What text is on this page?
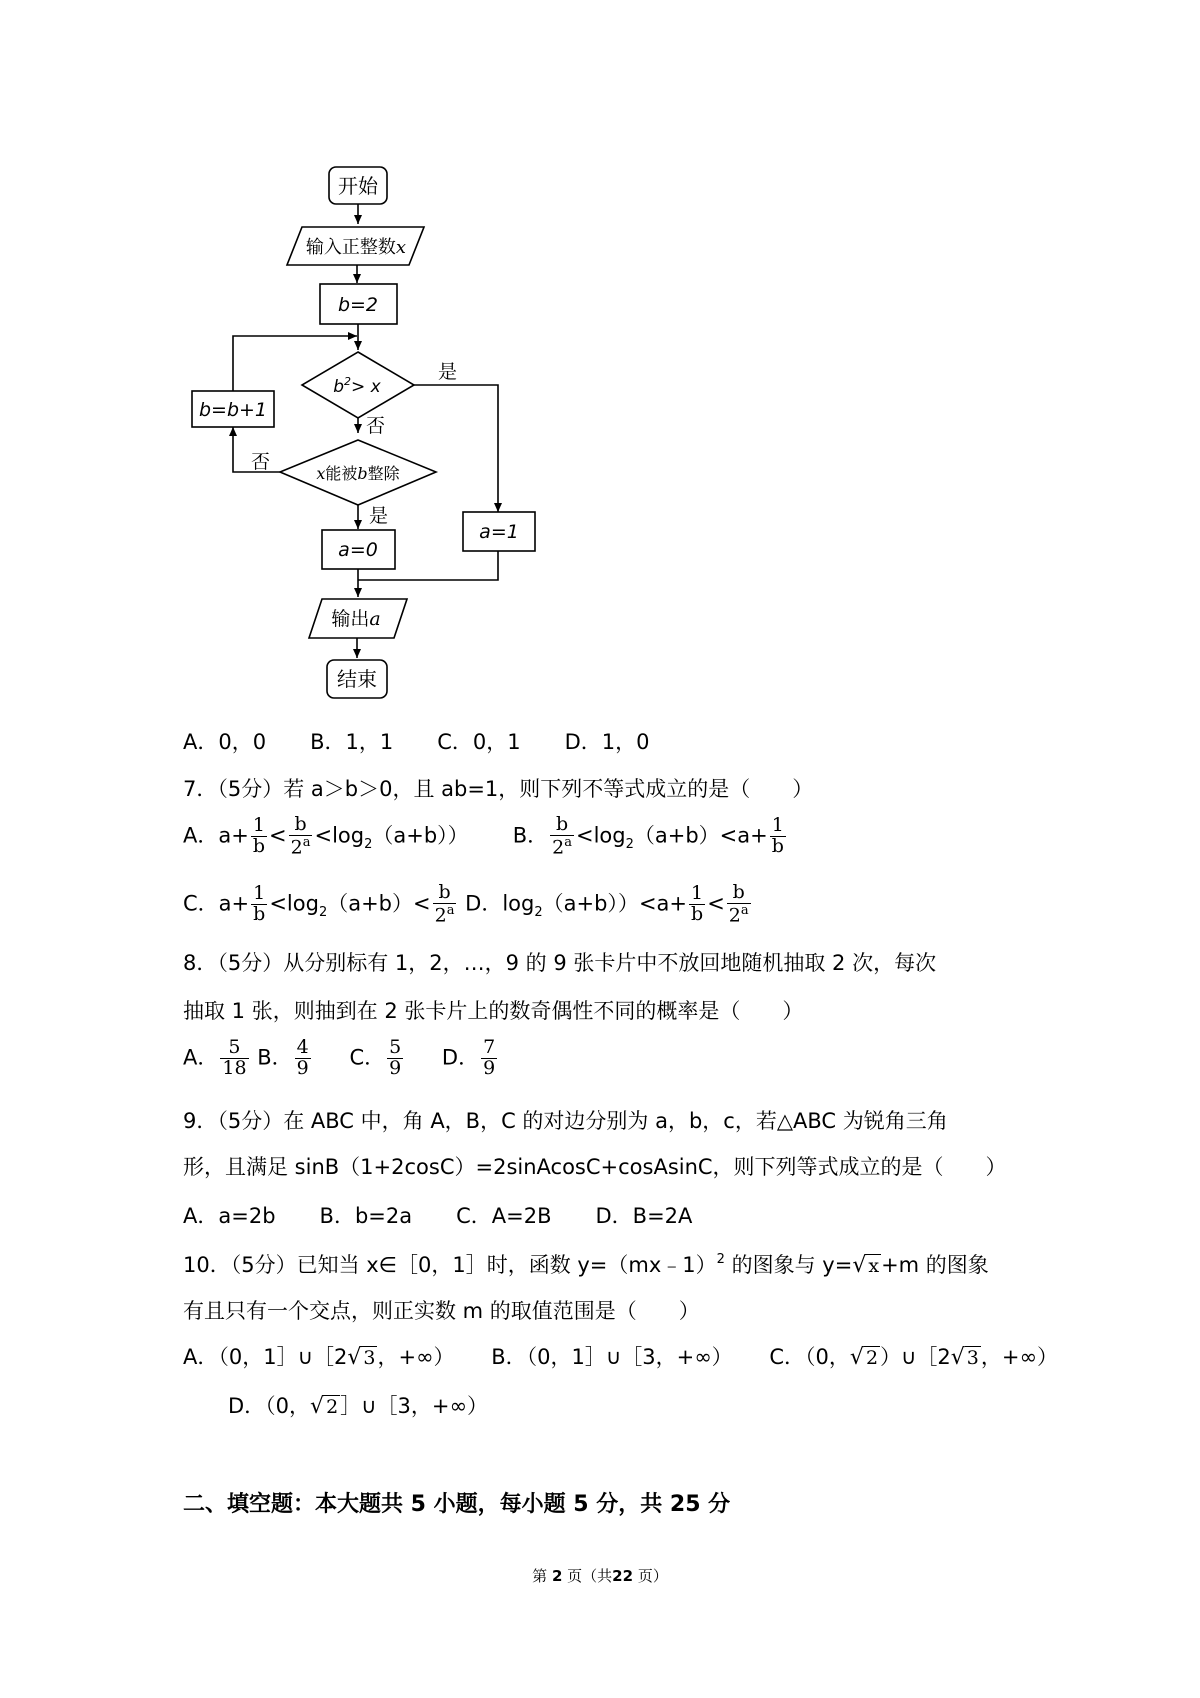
开始
输入正整数x
b=2
$b^2> x$
是
否
x能被b整除
否
是
b=b+1
a=0
a=1
输出a
结束
A．0，0 B．1，1 C．0，1 D．1，0
7．（5分）若 a＞b＞0，且 ab=1，则下列不等式成立的是（　　）
A．$a+ \frac{1}{b} < \frac{b}{2^a} <\log_2(a+b)$） B． $\frac{b}{2^a} <\log_2(a+b)<a+ \frac{1}{b}$
C．$a+ \frac{1}{b} <\log_2(a+b)< \frac{b}{2^a}$ D．$\log_2(a+b))<a+ \frac{1}{b} < \frac{b}{2^a}$
8．（5分）从分别标有 1，2，…，9 的 9 张卡片中不放回地随机抽取 2 次，每次
抽取 1 张，则抽到在 2 张卡片上的数奇偶性不同的概率是（　　）
A． $\frac{5}{18}$ B． $\frac{4}{9}$ C． $\frac{5}{9}$ D． $\frac{7}{9}$
9．（5分）在 ABC 中，角 A，B，C 的对边分别为 a，b，c，若△ABC 为锐角三角
形，且满足 sinB（1+2cosC）=2sinAcosC+cosAsinC，则下列等式成立的是（　　）
A．a=2b B．b=2a C．A=2B D．B=2A
10．（5分）已知当 x∈［0，1］时，函数 y=（mx﹣1）$^2$ 的图象与 y=√ x+m 的图象
有且只有一个交点，则正实数 m 的取值范围是（　　）
A．（0，1］∪［2√ 3，+∞） B．（0，1］∪［3，+∞） C．（0，√ 2）∪［2√ 3，+∞）
D．（0，√ 2］∪［3，+∞）
二、填空题：本大题共 5 小题，每小题 5 分，共 25 分
第 2 页（共22 页）
